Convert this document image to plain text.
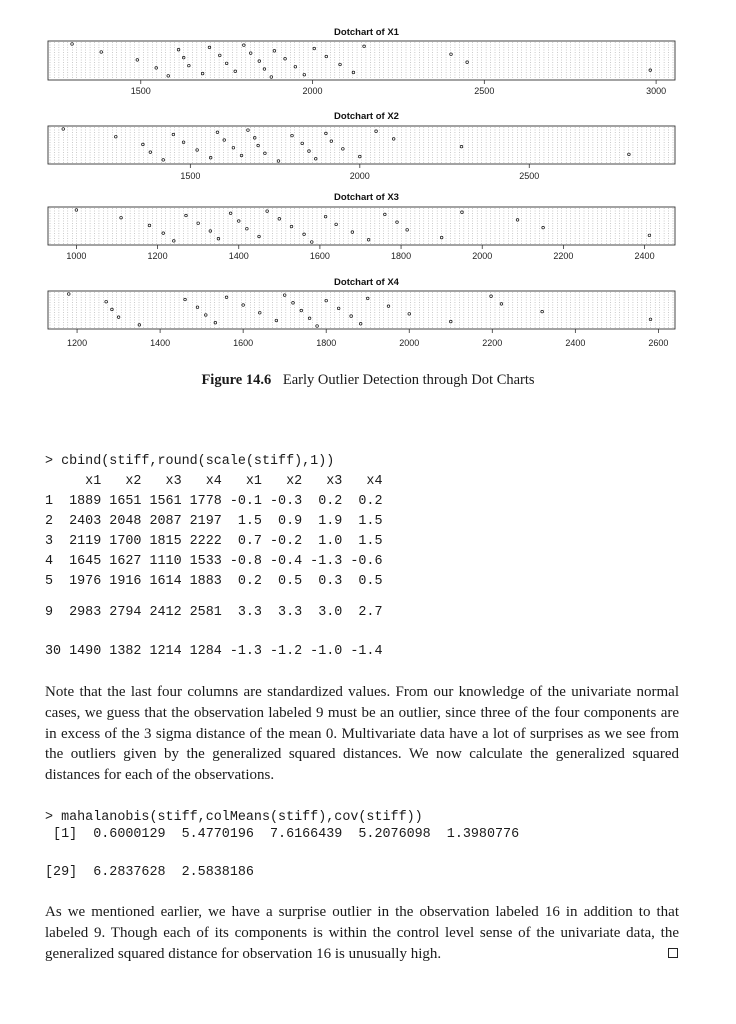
Dotchart of X1
1500	2000	2500	3000
Dotchart of X2
1500	2000	2500
Dotchart of X3
1000	1200	1400	1600	1800	2000	2200	2400
Dotchart of X4
1200	1400	1600	1800	2000	2200	2400	2600
Figure 14.6 Early Outlier Detection through Dot Charts
> cbind(stiff,round(scale(stiff),1))
x1   x2   x3   x4   x1   x2   x3   x4
1  1889 1651 1561 1778 -0.1 -0.3  0.2  0.2
2  2403 2048 2087 2197  1.5  0.9  1.9  1.5
3  2119 1700 1815 2222  0.7 -0.2  1.0  1.5
4  1645 1627 1110 1533 -0.8 -0.4 -1.3 -0.6
5  1976 1916 1614 1883  0.2  0.5  0.3  0.5
9  2983 2794 2412 2581  3.3  3.3  3.0  2.7
30 1490 1382 1214 1284 -1.3 -1.2 -1.0 -1.4
Note that the last four columns are standardized values. From our knowledge of the univariate normal cases, we guess that the observation labeled 9 must be an outlier, since three of the four components are in excess of the 3 sigma distance of the mean 0. Multivariate data have a lot of surprises as we see from the outliers given by the generalized squared distances. We now calculate the generalized squared distances for each of the observations.
> mahalanobis(stiff,colMeans(stiff),cov(stiff))
[1]  0.6000129  5.4770196  7.6166439  5.2076098  1.3980776
[29]  6.2837628  2.5838186
As we mentioned earlier, we have a surprise outlier in the observation labeled 16 in addition to that labeled 9. Though each of its components is within the control level sense of the univariate data, the generalized squared distance for observation 16 is unusually high.
